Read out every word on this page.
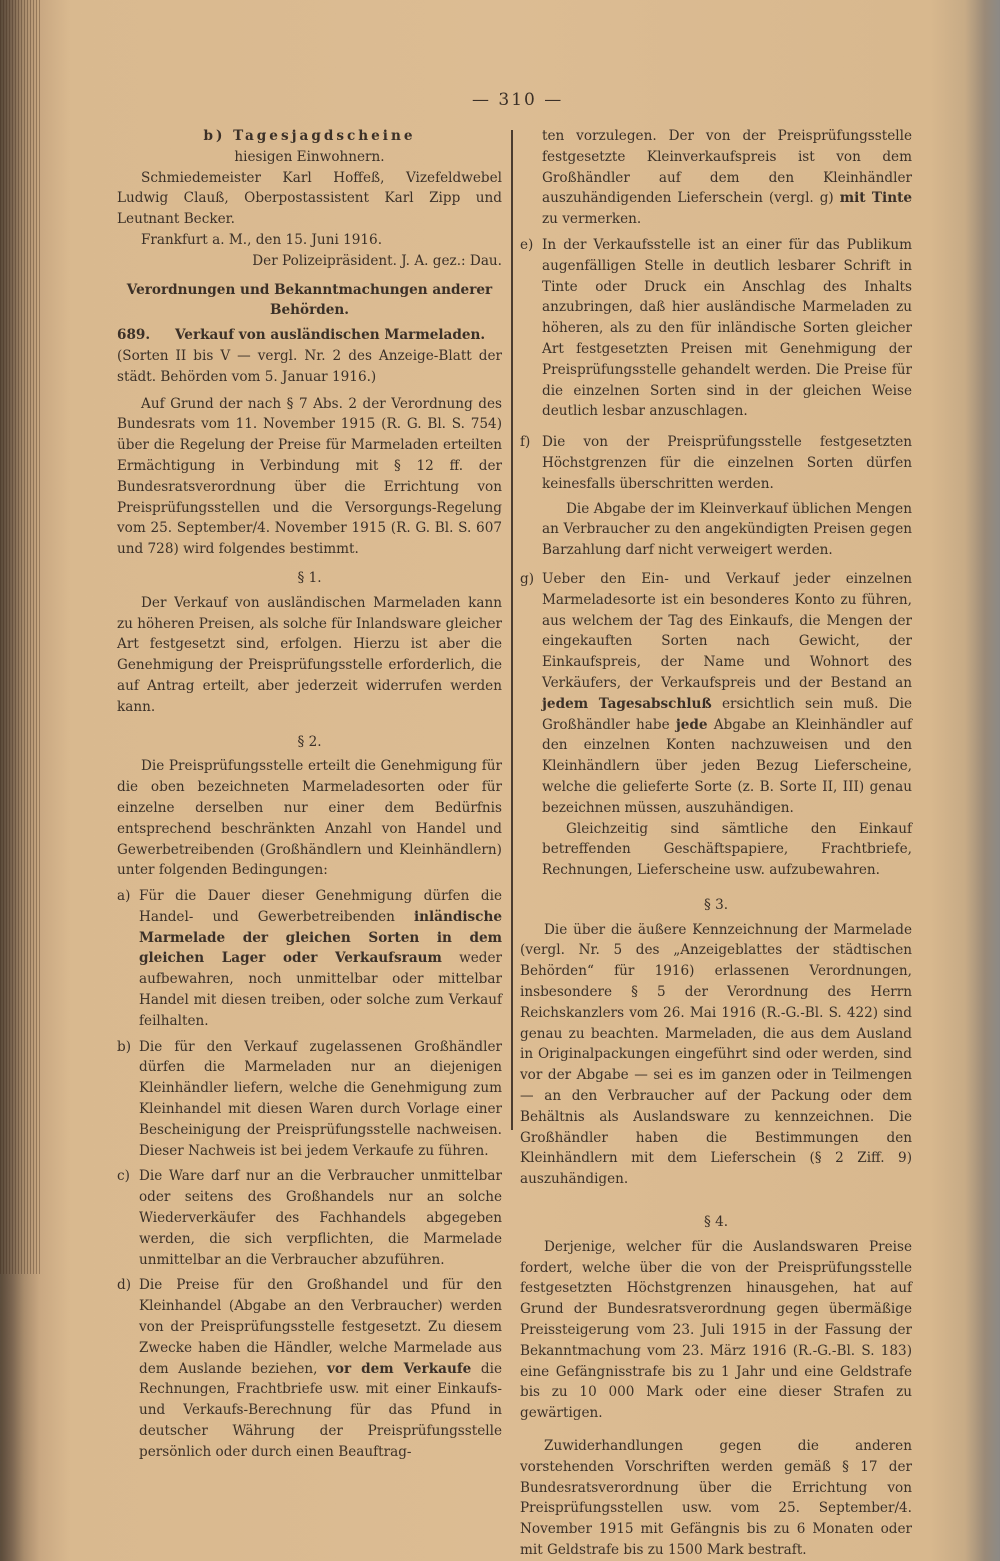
— 310 —

b) Tagesjagdscheine

hiesigen Einwohnern.

Schmiedemeister Karl Hoffeß, Vizefeldwebel Ludwig Clauß, Oberpostassistent Karl Zipp und Leutnant Becker.

Frankfurt a. M., den 15. Juni 1916.

Der Polizeipräsident. J. A. gez.: Dau.

Verordnungen und Bekanntmachungen anderer Behörden.

689. Verkauf von ausländischen Marmeladen.

(Sorten II bis V — vergl. Nr. 2 des Anzeige-Blatt der städt. Behörden vom 5. Januar 1916.)

Auf Grund der nach § 7 Abs. 2 der Verordnung des Bundesrats vom 11. November 1915 (R. G. Bl. S. 754) über die Regelung der Preise für Marmeladen erteilten Ermächtigung in Verbindung mit § 12 ff. der Bundesratsverordnung über die Errichtung von Preisprüfungsstellen und die Versorgungs-Regelung vom 25. September/4. November 1915 (R. G. Bl. S. 607 und 728) wird folgendes bestimmt.

§ 1.

Der Verkauf von ausländischen Marmeladen kann zu höheren Preisen, als solche für Inlandsware gleicher Art festgesetzt sind, erfolgen. Hierzu ist aber die Genehmigung der Preisprüfungsstelle erforderlich, die auf Antrag erteilt, aber jederzeit widerrufen werden kann.

§ 2.

Die Preisprüfungsstelle erteilt die Genehmigung für die oben bezeichneten Marmeladesorten oder für einzelne derselben nur einer dem Bedürfnis entsprechend beschränkten Anzahl von Handel und Gewerbetreibenden (Großhändlern und Kleinhändlern) unter folgenden Bedingungen:

a) Für die Dauer dieser Genehmigung dürfen die Handel- und Gewerbetreibenden inländische Marmelade der gleichen Sorten in dem gleichen Lager oder Verkaufsraum weder aufbewahren, noch unmittelbar oder mittelbar Handel mit diesen treiben, oder solche zum Verkauf feilhalten.

b) Die für den Verkauf zugelassenen Großhändler dürfen die Marmeladen nur an diejenigen Kleinhändler liefern, welche die Genehmigung zum Kleinhandel mit diesen Waren durch Vorlage einer Bescheinigung der Preisprüfungsstelle nachweisen. Dieser Nachweis ist bei jedem Verkaufe zu führen.

c) Die Ware darf nur an die Verbraucher unmittelbar oder seitens des Großhandels nur an solche Wiederverkäufer des Fachhandels abgegeben werden, die sich verpflichten, die Marmelade unmittelbar an die Verbraucher abzuführen.

d) Die Preise für den Großhandel und für den Kleinhandel (Abgabe an den Verbraucher) werden von der Preisprüfungsstelle festgesetzt. Zu diesem Zwecke haben die Händler, welche Marmelade aus dem Auslande beziehen, vor dem Verkaufe die Rechnungen, Frachtbriefe usw. mit einer Einkaufs- und Verkaufs-Berechnung für das Pfund in deutscher Währung der Preisprüfungsstelle persönlich oder durch einen Beauftrag-

ten vorzulegen. Der von der Preisprüfungsstelle festgesetzte Kleinverkaufspreis ist von dem Großhändler auf dem den Kleinhändler auszuhändigenden Lieferschein (vergl. g) mit Tinte zu vermerken.

e) In der Verkaufsstelle ist an einer für das Publikum augenfälligen Stelle in deutlich lesbarer Schrift in Tinte oder Druck ein Anschlag des Inhalts anzubringen, daß hier ausländische Marmeladen zu höheren, als zu den für inländische Sorten gleicher Art festgesetzten Preisen mit Genehmigung der Preisprüfungsstelle gehandelt werden. Die Preise für die einzelnen Sorten sind in der gleichen Weise deutlich lesbar anzuschlagen.

f) Die von der Preisprüfungsstelle festgesetzten Höchstgrenzen für die einzelnen Sorten dürfen keinesfalls überschritten werden.

Die Abgabe der im Kleinverkauf üblichen Mengen an Verbraucher zu den angekündigten Preisen gegen Barzahlung darf nicht verweigert werden.

g) Ueber den Ein- und Verkauf jeder einzelnen Marmeladesorte ist ein besonderes Konto zu führen, aus welchem der Tag des Einkaufs, die Mengen der eingekauften Sorten nach Gewicht, der Einkaufspreis, der Name und Wohnort des Verkäufers, der Verkaufspreis und der Bestand an jedem Tagesabschluß ersichtlich sein muß. Die Großhändler habe jede Abgabe an Kleinhändler auf den einzelnen Konten nachzuweisen und den Kleinhändlern über jeden Bezug Lieferscheine, welche die gelieferte Sorte (z. B. Sorte II, III) genau bezeichnen müssen, auszuhändigen.

Gleichzeitig sind sämtliche den Einkauf betreffenden Geschäftspapiere, Frachtbriefe, Rechnungen, Lieferscheine usw. aufzubewahren.

§ 3.

Die über die äußere Kennzeichnung der Marmelade (vergl. Nr. 5 des „Anzeigeblattes der städtischen Behörden“ für 1916) erlassenen Verordnungen, insbesondere § 5 der Verordnung des Herrn Reichskanzlers vom 26. Mai 1916 (R.-G.-Bl. S. 422) sind genau zu beachten. Marmeladen, die aus dem Ausland in Originalpackungen eingeführt sind oder werden, sind vor der Abgabe — sei es im ganzen oder in Teilmengen — an den Verbraucher auf der Packung oder dem Behältnis als Auslandsware zu kennzeichnen. Die Großhändler haben die Bestimmungen den Kleinhändlern mit dem Lieferschein (§ 2 Ziff. 9) auszuhändigen.

§ 4.

Derjenige, welcher für die Auslandswaren Preise fordert, welche über die von der Preisprüfungsstelle festgesetzten Höchstgrenzen hinausgehen, hat auf Grund der Bundesratsverordnung gegen übermäßige Preissteigerung vom 23. Juli 1915 in der Fassung der Bekanntmachung vom 23. März 1916 (R.-G.-Bl. S. 183) eine Gefängnisstrafe bis zu 1 Jahr und eine Geldstrafe bis zu 10 000 Mark oder eine dieser Strafen zu gewärtigen.

Zuwiderhandlungen gegen die anderen vorstehenden Vorschriften werden gemäß § 17 der Bundesratsverordnung über die Errichtung von Preisprüfungsstellen usw. vom 25. September/4. November 1915 mit Gefängnis bis zu 6 Monaten oder mit Geldstrafe bis zu 1500 Mark bestraft.
